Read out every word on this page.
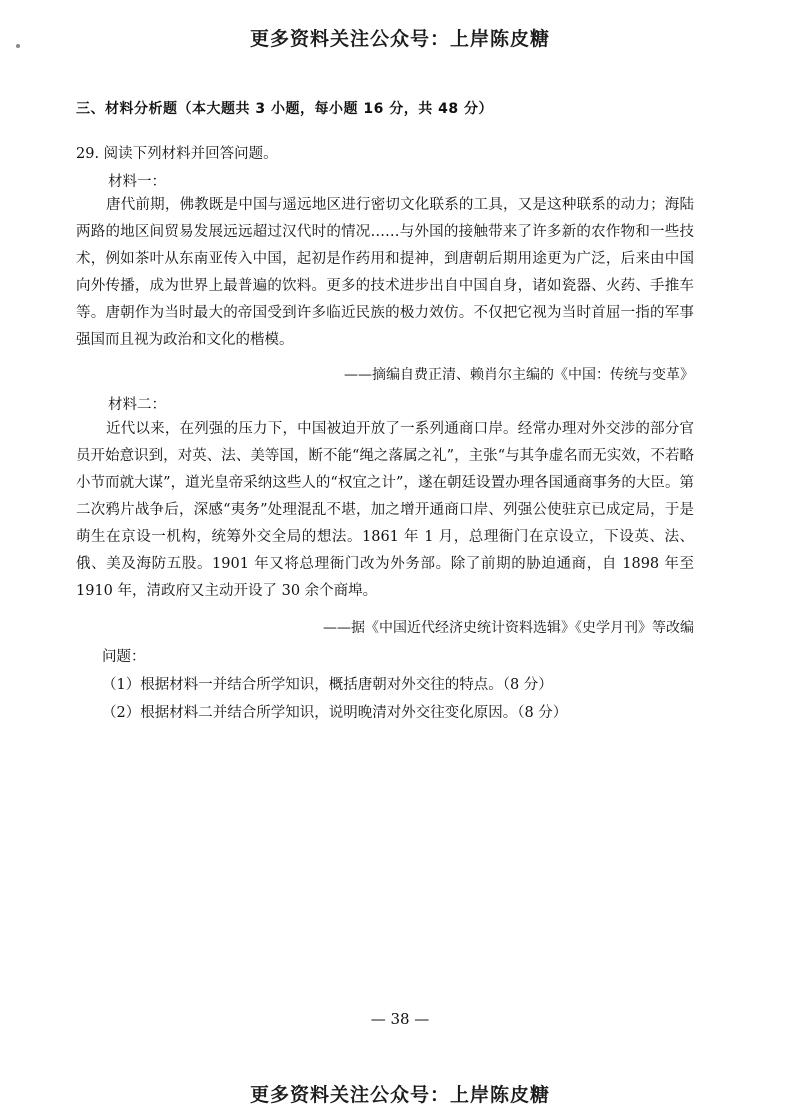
更多资料关注公众号：上岸陈皮糖
三、材料分析题（本大题共 3 小题，每小题 16 分，共 48 分）
29. 阅读下列材料并回答问题。
材料一：

唐代前期，佛教既是中国与遥远地区进行密切文化联系的工具，又是这种联系的动力；海陆两路的地区间贸易发展远远超过汉代时的情况……与外国的接触带来了许多新的农作物和一些技术，例如茶叶从东南亚传入中国，起初是作药用和提神，到唐朝后期用途更为广泛，后来由中国向外传播，成为世界上最普遍的饮料。更多的技术进步出自中国自身，诸如瓷器、火药、手推车等。唐朝作为当时最大的帝国受到许多临近民族的极力效仿。不仅把它视为当时首屈一指的军事强国而且视为政治和文化的楷模。

——摘编自费正清、赖肖尔主编的《中国：传统与变革》
材料二：

近代以来，在列强的压力下，中国被迫开放了一系列通商口岸。经常办理对外交涉的部分官员开始意识到，对英、法、美等国，断不能“绳之落属之礼”，主张“与其争虚名而无实效，不若略小节而就大谋”，道光皇帝采纳这些人的“权宜之计”，遂在朝廷设置办理各国通商事务的大臣。第二次鸦片战争后，深感“夷务”处理混乱不堪，加之增开通商口岸、列强公使驻京已成定局，于是萌生在京设一机构，统筹外交全局的想法。1861 年 1 月，总理衙门在京设立，下设英、法、俄、美及海防五股。1901 年又将总理衙门改为外务部。除了前期的胁迫通商，自 1898 年至 1910 年，清政府又主动开设了 30 余个商埠。

——据《中国近代经济史统计资料选辑》《史学月刊》等改编
问题：
（1）根据材料一并结合所学知识，概括唐朝对外交往的特点。（8 分）
（2）根据材料二并结合所学知识，说明晚清对外交往变化原因。（8 分）
— 38 —
更多资料关注公众号：上岸陈皮糖
